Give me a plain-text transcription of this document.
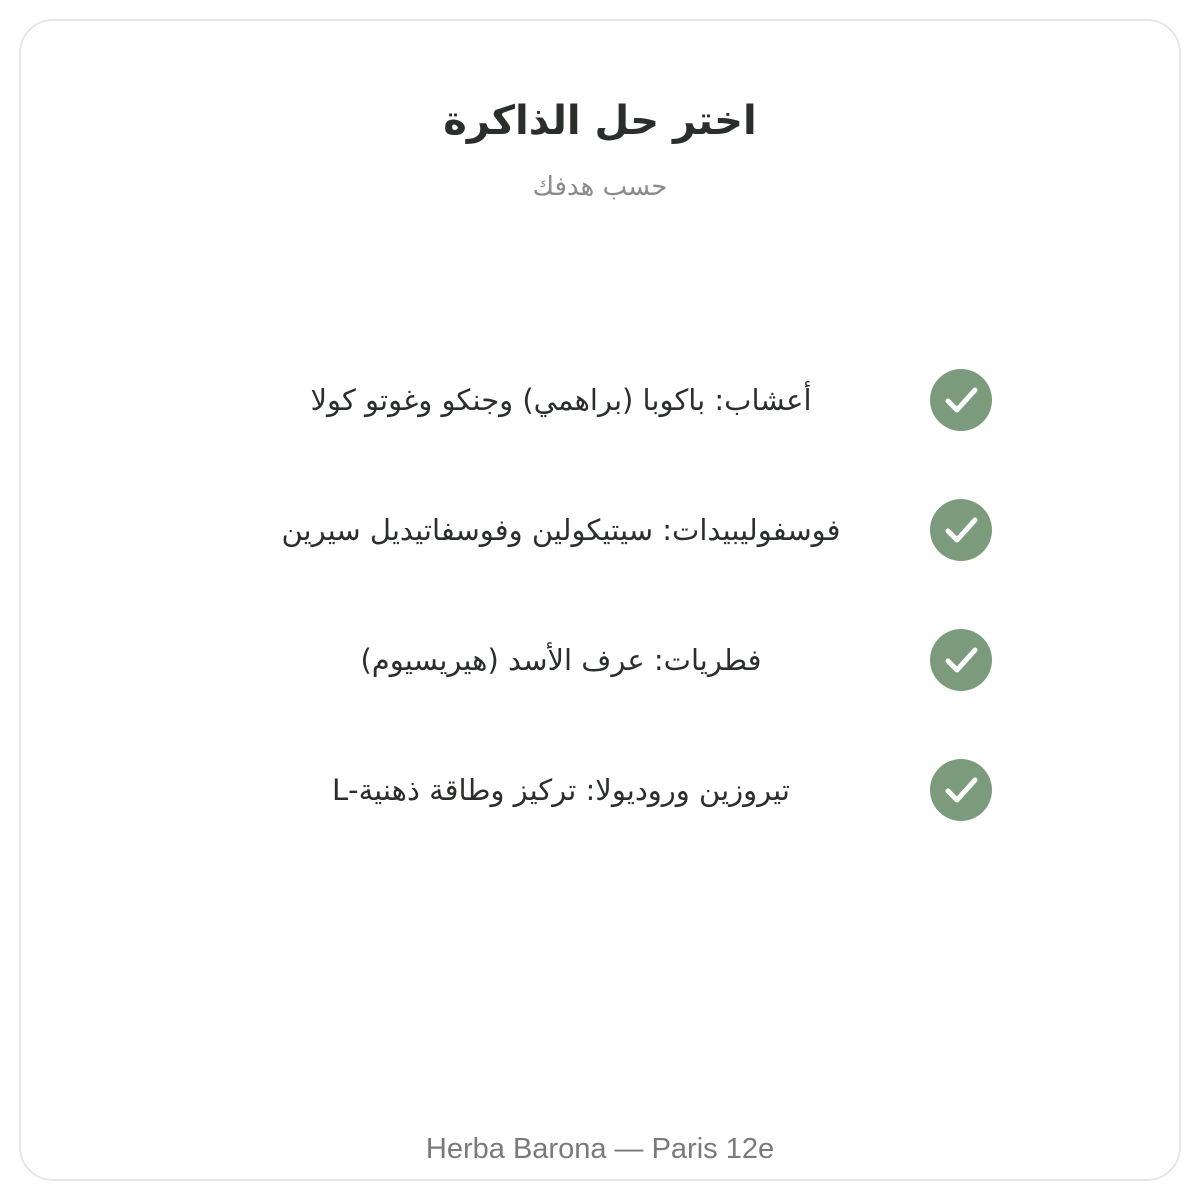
اختر حل الذاكرة
حسب هدفك
أعشاب: باكوبا (براهمي) وجنكو وغوتو كولا
فوسفوليبيدات: سيتيكولين وفوسفاتيديل سيرين
فطريات: عرف الأسد (هيريسيوم)
تيروزين وروديولا: تركيز وطاقة ذهنية-L
Herba Barona — Paris 12e
